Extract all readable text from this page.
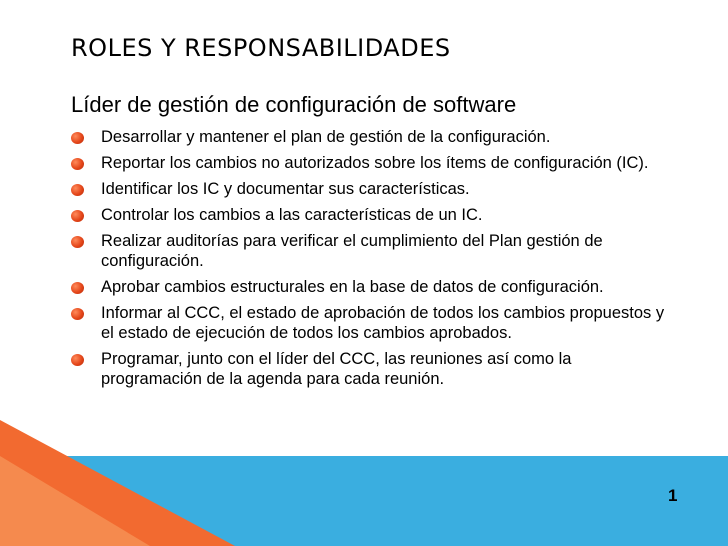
ROLES Y RESPONSABILIDADES
Líder de gestión de configuración de software
Desarrollar y mantener el plan de gestión de la configuración.
Reportar los cambios no autorizados sobre los ítems de configuración (IC).
Identificar los IC y documentar sus características.
Controlar los cambios a las características de un IC.
Realizar auditorías para verificar el cumplimiento del Plan gestión de configuración.
Aprobar cambios estructurales en la base de datos de configuración.
Informar al CCC, el estado de aprobación de todos los cambios propuestos y el estado de ejecución de todos los cambios aprobados.
Programar, junto con el líder del CCC, las reuniones así como la programación de la agenda para cada reunión.
1
